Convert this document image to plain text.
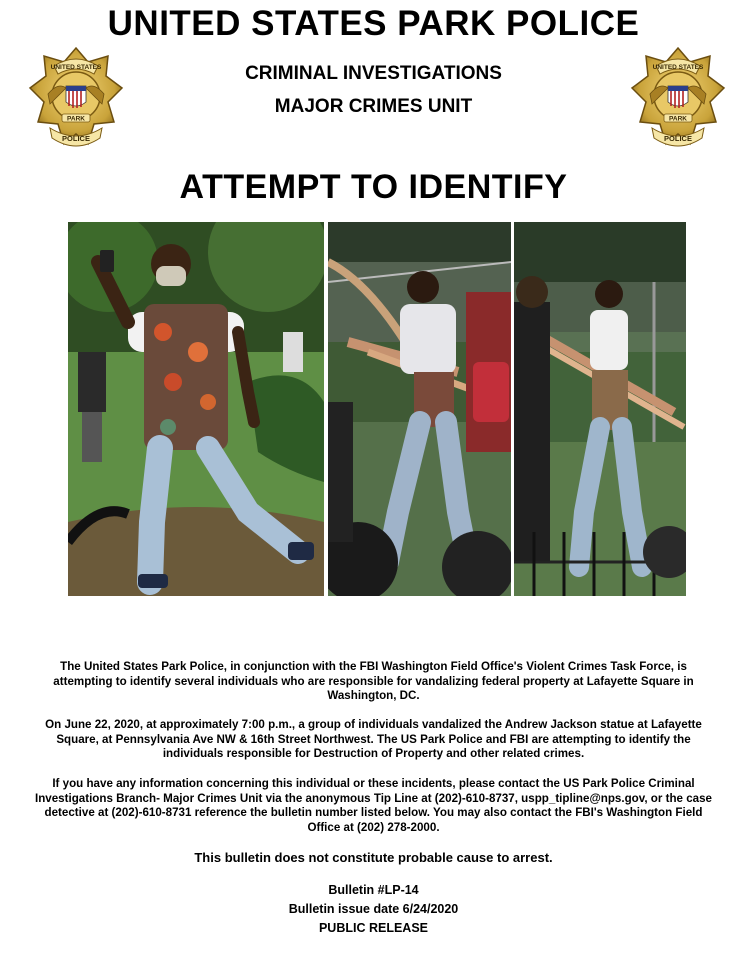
UNITED STATES PARK POLICE
CRIMINAL INVESTIGATIONS
MAJOR CRIMES UNIT
UNITED STATES
PARK
POLICE
UNITED STATES
PARK
POLICE
ATTEMPT TO IDENTIFY

The United States Park Police, in conjunction with the FBI Washington Field Office's Violent Crimes Task Force, is attempting to identify several individuals who are responsible for vandalizing federal property at Lafayette Square in Washington, DC.

On June 22, 2020, at approximately 7:00 p.m., a group of individuals vandalized the Andrew Jackson statue at Lafayette Square, at Pennsylvania Ave NW & 16th Street Northwest. The US Park Police and FBI are attempting to identify the individuals responsible for Destruction of Property and other related crimes.

If you have any information concerning this individual or these incidents, please contact the US Park Police Criminal Investigations Branch- Major Crimes Unit via the anonymous Tip Line at (202)-610-8737, uspp_tipline@nps.gov, or the case detective at (202)-610-8731 reference the bulletin number listed below. You may also contact the FBI's Washington Field Office at (202) 278-2000.

This bulletin does not constitute probable cause to arrest.
Bulletin #LP-14
Bulletin issue date 6/24/2020
PUBLIC RELEASE
